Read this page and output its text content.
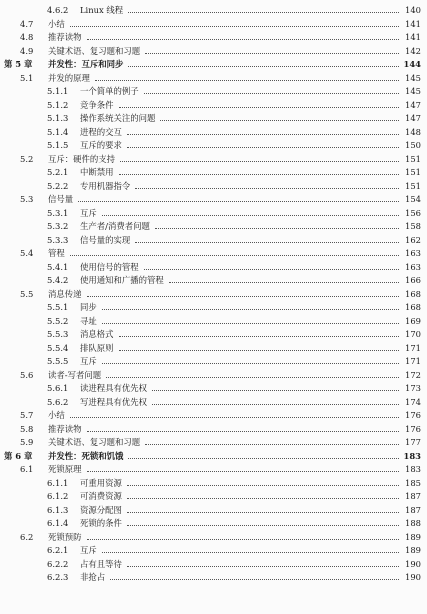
4.6.2 Linux 线程	140
4.7 小结	141
4.8 推荐读物	141
4.9 关键术语、复习题和习题	142
第 5 章 并发性：互斥和同步	144
5.1 并发的原理	145
5.1.1 一个简单的例子	145
5.1.2 竞争条件	147
5.1.3 操作系统关注的问题	147
5.1.4 进程的交互	148
5.1.5 互斥的要求	150
5.2 互斥：硬件的支持	151
5.2.1 中断禁用	151
5.2.2 专用机器指令	151
5.3 信号量	154
5.3.1 互斥	156
5.3.2 生产者/消费者问题	158
5.3.3 信号量的实现	162
5.4 管程	163
5.4.1 使用信号的管程	163
5.4.2 使用通知和广播的管程	166
5.5 消息传递	168
5.5.1 同步	168
5.5.2 寻址	169
5.5.3 消息格式	170
5.5.4 排队原则	171
5.5.5 互斥	171
5.6 读者-写者问题	172
5.6.1 读进程具有优先权	173
5.6.2 写进程具有优先权	174
5.7 小结	176
5.8 推荐读物	176
5.9 关键术语、复习题和习题	177
第 6 章 并发性：死锁和饥饿	183
6.1 死锁原理	183
6.1.1 可重用资源	185
6.1.2 可消费资源	187
6.1.3 资源分配图	187
6.1.4 死锁的条件	188
6.2 死锁预防	189
6.2.1 互斥	189
6.2.2 占有且等待	190
6.2.3 非抢占	190
